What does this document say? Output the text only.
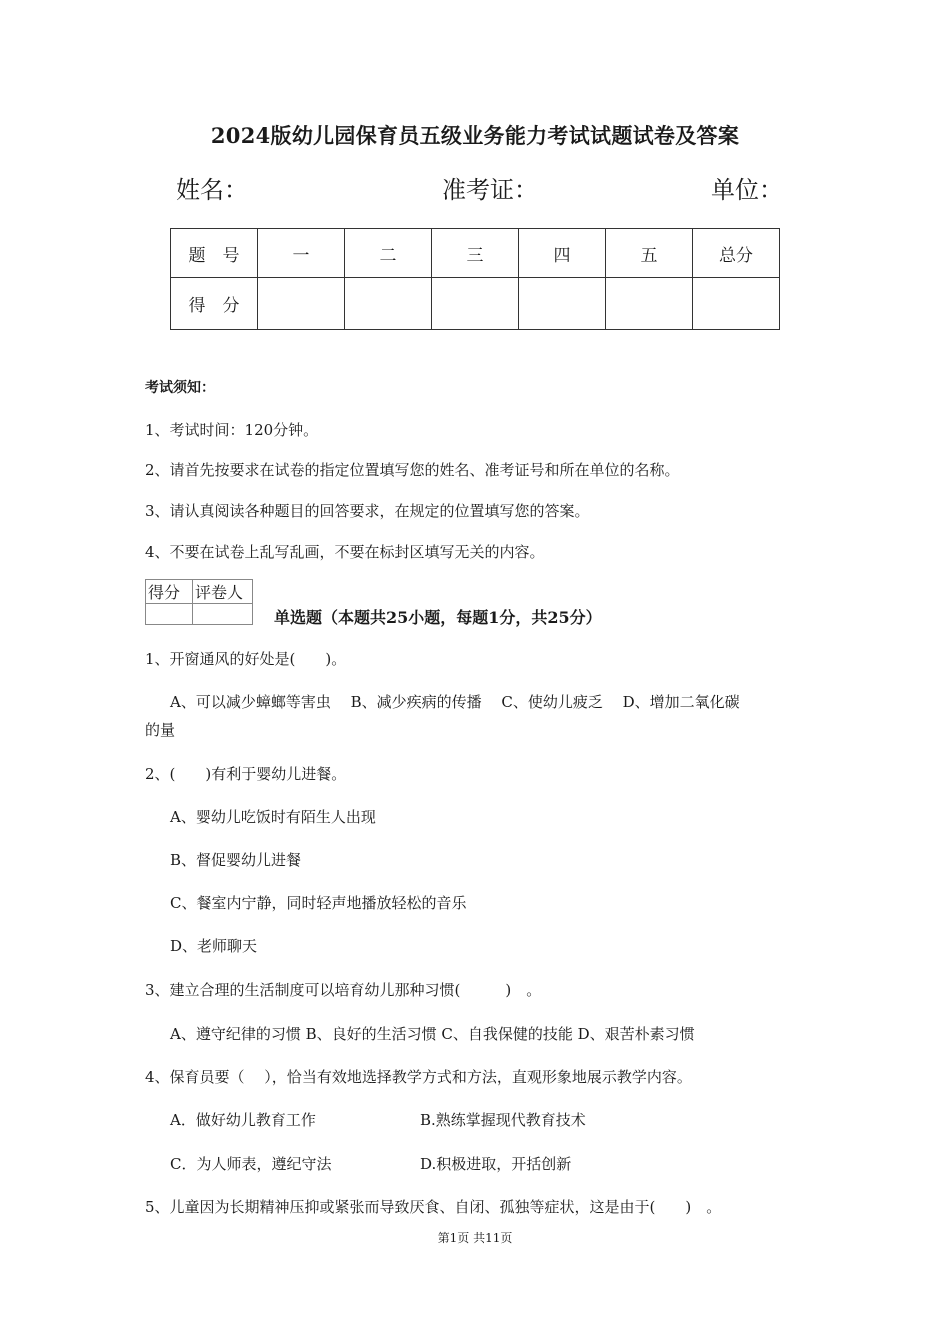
2024版幼儿园保育员五级业务能力考试试题试卷及答案
姓名：	准考证：	单位：
题　号	一	二	三	四	五	总分
得　分						
考试须知：
1、考试时间：120分钟。
2、请首先按要求在试卷的指定位置填写您的姓名、准考证号和所在单位的名称。
3、请认真阅读各种题目的回答要求，在规定的位置填写您的答案。
4、不要在试卷上乱写乱画，不要在标封区填写无关的内容。
得分	评卷人

单选题（本题共25小题，每题1分，共25分）
1、开窗通风的好处是(　　)。
A、可以减少蟑螂等害虫　 B、减少疾病的传播　 C、使幼儿疲乏　 D、增加二氧化碳
的量
2、(　　)有利于婴幼儿进餐。
A、婴幼儿吃饭时有陌生人出现
B、督促婴幼儿进餐
C、餐室内宁静，同时轻声地播放轻松的音乐
D、老师聊天
3、建立合理的生活制度可以培育幼儿那种习惯(　　　)　。
A、遵守纪律的习惯 B、良好的生活习惯 C、自我保健的技能 D、艰苦朴素习惯
4、保育员要（　 ），恰当有效地选择教学方式和方法，直观形象地展示教学内容。
A．做好幼儿教育工作	B.熟练掌握现代教育技术
C．为人师表，遵纪守法	D.积极进取，开括创新
5、儿童因为长期精神压抑或紧张而导致厌食、自闭、孤独等症状，这是由于(　　)　。
第1页 共11页
